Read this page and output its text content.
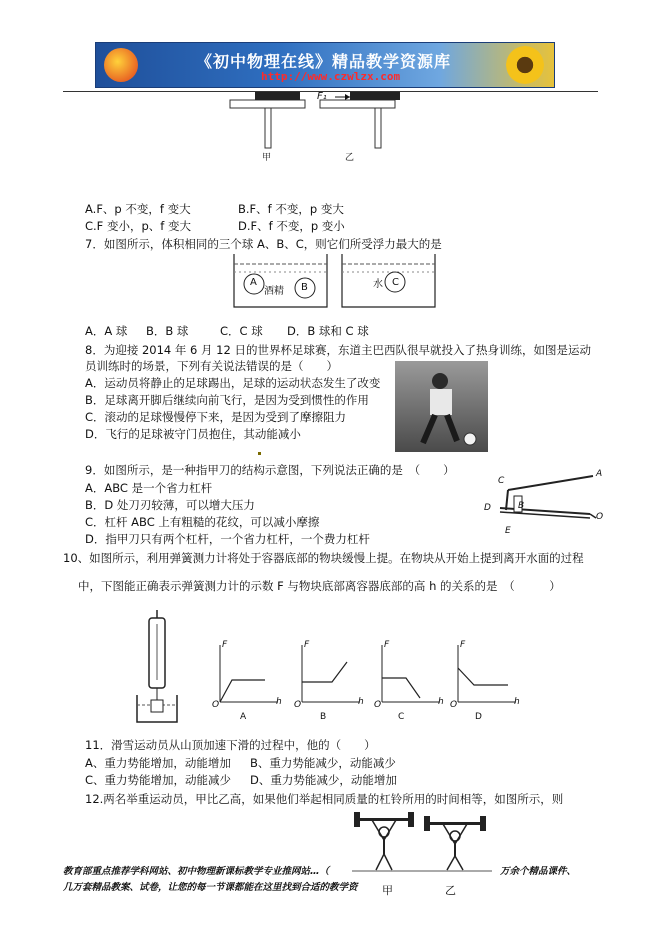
《初中物理在线》精品教学资源库
http://www.czwlzx.com
F₁
甲	乙
A.F、p 不变，f 变大	B.F、f 不变，p 变大
C.F 变小，p、f 变大	D.F、f 不变，p 变小
7．如图所示，体积相同的三个球 A、B、C，则它们所受浮力最大的是
A
酒精 B	水 C
A．A 球 B．B 球	C．C 球 D．B 球和 C 球
8．为迎接 2014 年 6 月 12 日的世界杯足球赛，东道主巴西队很早就投入了热身训练，如图是运动
员训练时的场景，下列有关说法错误的是（　　）
A．运动员将静止的足球踢出，足球的运动状态发生了改变
B．足球离开脚后继续向前飞行，是因为受到惯性的作用
C．滚动的足球慢慢停下来，是因为受到了摩擦阻力
D．飞行的足球被守门员抱住，其动能减小
9．如图所示，是一种指甲刀的结构示意图，下列说法正确的是　（　　）
A．ABC 是一个省力杠杆
B．D 处刀刃较薄，可以增大压力
C．杠杆 ABC 上有粗糙的花纹，可以减小摩擦
D．指甲刀只有两个杠杆，一个省力杠杆，一个费力杠杆
C
A
B
D
E
O
10、如图所示，利用弹簧测力计将处于容器底部的物块缓慢上提。在物块从开始上提到离开水面的过程
中，下图能正确表示弹簧测力计的示数 F 与物块底部离容器底部的高 h 的关系的是　（　　　）
F	F	F	F
h	h	h	h
O	O	O	O
A	B	C	D
11．滑雪运动员从山顶加速下滑的过程中，他的（　　）
A、重力势能增加，动能增加 B、重力势能减少，动能减少
C、重力势能增加，动能减少 D、重力势能减少，动能增加
12.两名举重运动员，甲比乙高，如果他们举起相同质量的杠铃所用的时间相等，如图所示，则
甲	乙
教育部重点推荐学科网站、初中物理新课标教学专业推网站…（	万余个精品课件、
几万套精品教案、试卷，让您的每一节课都能在这里找到合适的教学资
